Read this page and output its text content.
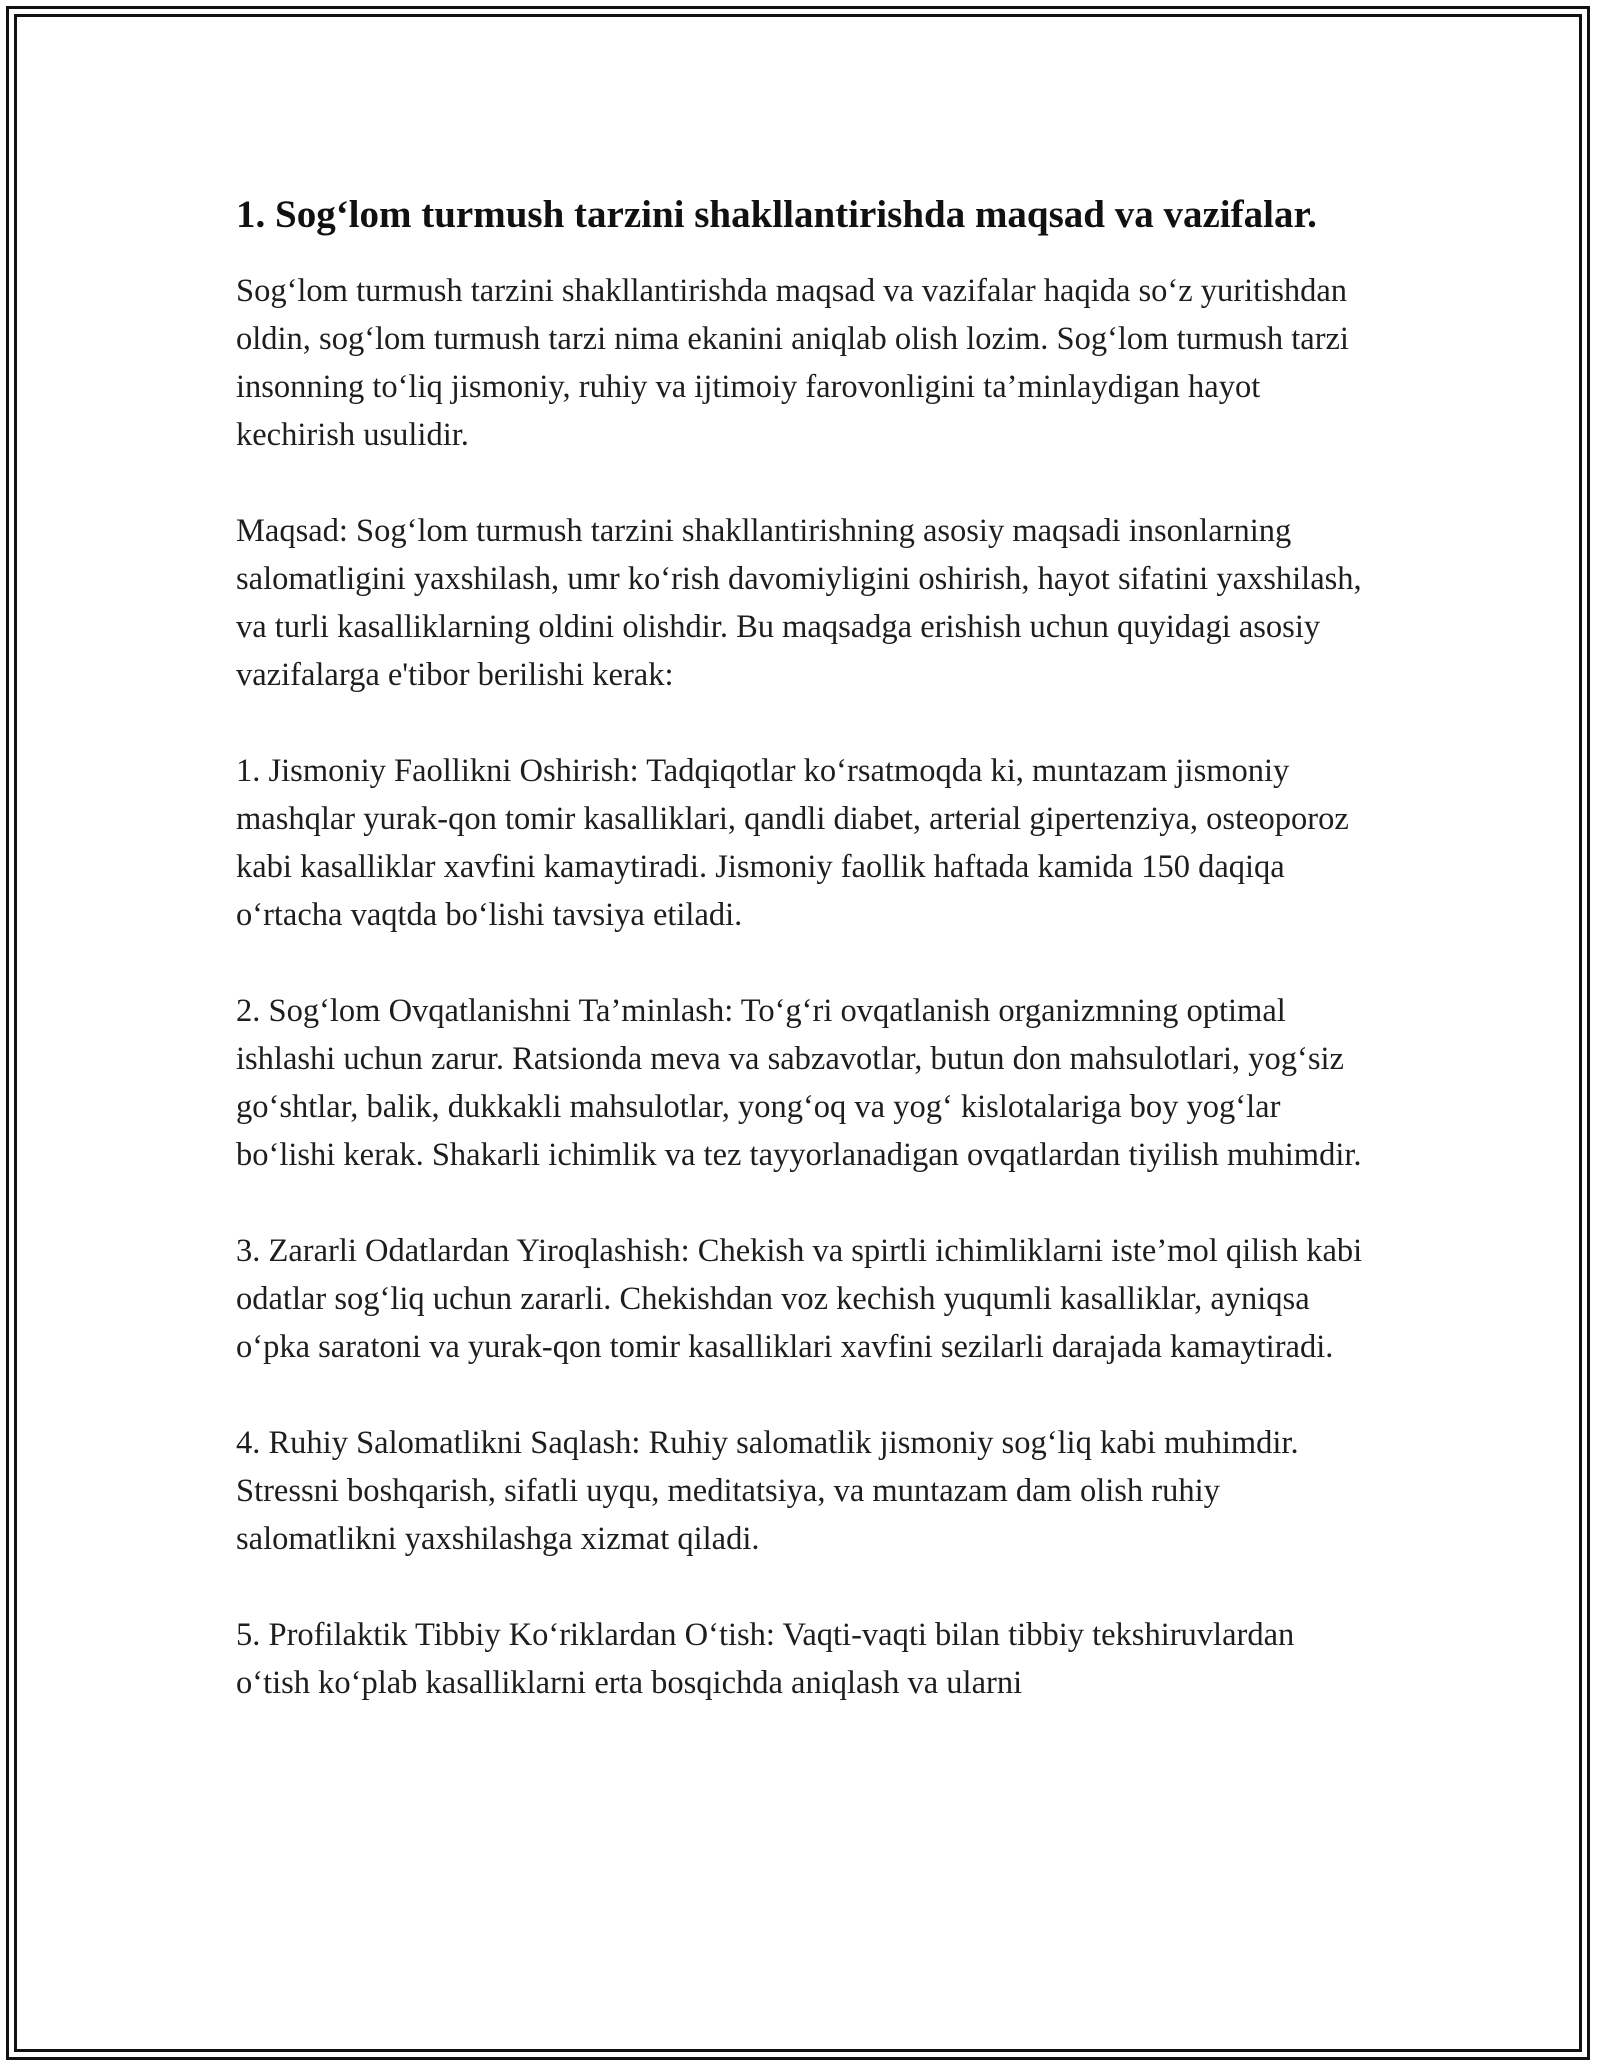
1. Sog‘lom turmush tarzini shakllantirishda maqsad va vazifalar.

Sog‘lom turmush tarzini shakllantirishda maqsad va vazifalar haqida so‘z yuritishdan oldin, sog‘lom turmush tarzi nima ekanini aniqlab olish lozim. Sog‘lom turmush tarzi insonning to‘liq jismoniy, ruhiy va ijtimoiy farovonligini ta’minlaydigan hayot kechirish usulidir.

Maqsad: Sog‘lom turmush tarzini shakllantirishning asosiy maqsadi insonlarning salomatligini yaxshilash, umr ko‘rish davomiyligini oshirish, hayot sifatini yaxshilash, va turli kasalliklarning oldini olishdir. Bu maqsadga erishish uchun quyidagi asosiy vazifalarga e'tibor berilishi kerak:

1. Jismoniy Faollikni Oshirish: Tadqiqotlar ko‘rsatmoqda ki, muntazam jismoniy mashqlar yurak-qon tomir kasalliklari, qandli diabet, arterial gipertenziya, osteoporoz kabi kasalliklar xavfini kamaytiradi. Jismoniy faollik haftada kamida 150 daqiqa o‘rtacha vaqtda bo‘lishi tavsiya etiladi.

2. Sog‘lom Ovqatlanishni Ta’minlash: To‘g‘ri ovqatlanish organizmning optimal ishlashi uchun zarur. Ratsionda meva va sabzavotlar, butun don mahsulotlari, yog‘siz go‘shtlar, balik, dukkakli mahsulotlar, yong‘oq va yog‘ kislotalariga boy yog‘lar bo‘lishi kerak. Shakarli ichimlik va tez tayyorlanadigan ovqatlardan tiyilish muhimdir.

3. Zararli Odatlardan Yiroqlashish: Chekish va spirtli ichimliklarni iste’mol qilish kabi odatlar sog‘liq uchun zararli. Chekishdan voz kechish yuqumli kasalliklar, ayniqsa o‘pka saratoni va yurak-qon tomir kasalliklari xavfini sezilarli darajada kamaytiradi.

4. Ruhiy Salomatlikni Saqlash: Ruhiy salomatlik jismoniy sog‘liq kabi muhimdir. Stressni boshqarish, sifatli uyqu, meditatsiya, va muntazam dam olish ruhiy salomatlikni yaxshilashga xizmat qiladi.

5. Profilaktik Tibbiy Ko‘riklardan O‘tish: Vaqti-vaqti bilan tibbiy tekshiruvlardan o‘tish ko‘plab kasalliklarni erta bosqichda aniqlash va ularni
